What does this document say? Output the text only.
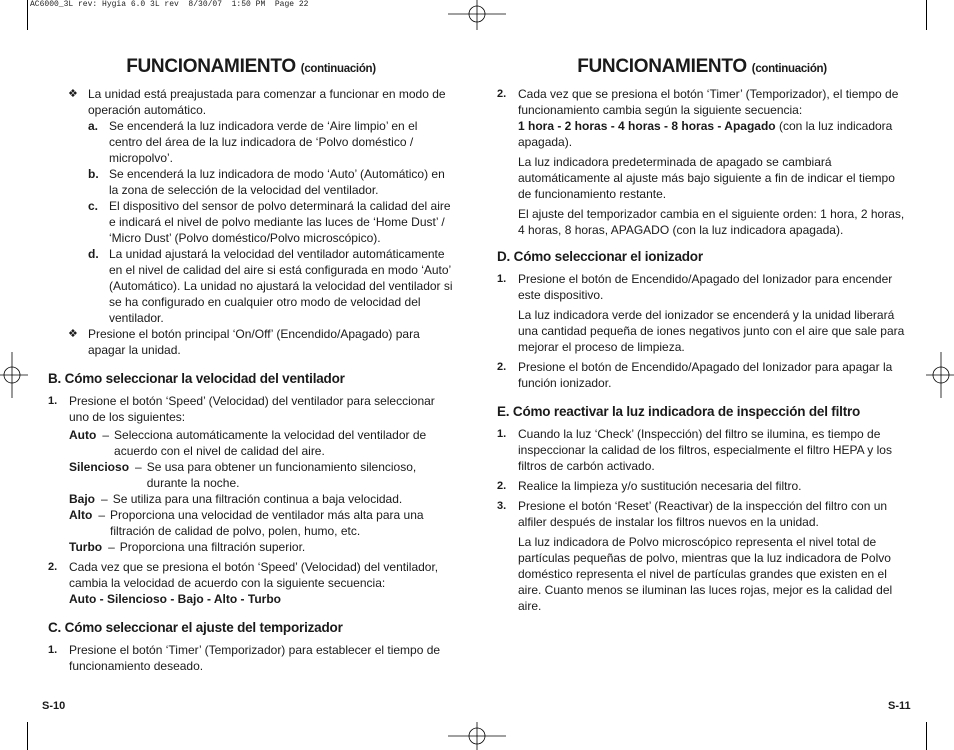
AC6000_3L rev: Hygia 6.0 3L rev  8/30/07  1:50 PM  Page 22
FUNCIONAMIENTO (continuación)
❖ La unidad está preajustada para comenzar a funcionar en modo de operación automático.
a. Se encenderá la luz indicadora verde de ‘Aire limpio’ en el centro del área de la luz indicadora de ‘Polvo doméstico / micropolvo’.
b. Se encenderá la luz indicadora de modo ‘Auto’ (Automático) en la zona de selección de la velocidad del ventilador.
c. El dispositivo del sensor de polvo determinará la calidad del aire e indicará el nivel de polvo mediante las luces de ‘Home Dust’ / ‘Micro Dust’ (Polvo doméstico/Polvo microscópico).
d. La unidad ajustará la velocidad del ventilador automáticamente en el nivel de calidad del aire si está configurada en modo ‘Auto’ (Automático). La unidad no ajustará la velocidad del ventilador si se ha configurado en cualquier otro modo de velocidad del ventilador.
❖ Presione el botón principal ‘On/Off’ (Encendido/Apagado) para apagar la unidad.
B. Cómo seleccionar la velocidad del ventilador
1. Presione el botón ‘Speed’ (Velocidad) del ventilador para seleccionar uno de los siguientes:
Auto – Selecciona automáticamente la velocidad del ventilador de acuerdo con el nivel de calidad del aire.
Silencioso – Se usa para obtener un funcionamiento silencioso, durante la noche.
Bajo – Se utiliza para una filtración continua a baja velocidad.
Alto – Proporciona una velocidad de ventilador más alta para una filtración de calidad de polvo, polen, humo, etc.
Turbo – Proporciona una filtración superior.
2. Cada vez que se presiona el botón ‘Speed’ (Velocidad) del ventilador, cambia la velocidad de acuerdo con la siguiente secuencia:
Auto - Silencioso - Bajo - Alto - Turbo
C. Cómo seleccionar el ajuste del temporizador
1. Presione el botón ‘Timer’ (Temporizador) para establecer el tiempo de funcionamiento deseado.
FUNCIONAMIENTO (continuación)
2. Cada vez que se presiona el botón ‘Timer’ (Temporizador), el tiempo de funcionamiento cambia según la siguiente secuencia:
1 hora - 2 horas - 4 horas - 8 horas - Apagado (con la luz indicadora apagada).
La luz indicadora predeterminada de apagado se cambiará automáticamente al ajuste más bajo siguiente a fin de indicar el tiempo de funcionamiento restante.
El ajuste del temporizador cambia en el siguiente orden: 1 hora, 2 horas, 4 horas, 8 horas, APAGADO (con la luz indicadora apagada).
D. Cómo seleccionar el ionizador
1. Presione el botón de Encendido/Apagado del Ionizador para encender este dispositivo.
La luz indicadora verde del ionizador se encenderá y la unidad liberará una cantidad pequeña de iones negativos junto con el aire que sale para mejorar el proceso de limpieza.
2. Presione el botón de Encendido/Apagado del Ionizador para apagar la función ionizador.
E. Cómo reactivar la luz indicadora de inspección del filtro
1. Cuando la luz ‘Check’ (Inspección) del filtro se ilumina, es tiempo de inspeccionar la calidad de los filtros, especialmente el filtro HEPA y los filtros de carbón activado.
2. Realice la limpieza y/o sustitución necesaria del filtro.
3. Presione el botón ‘Reset’ (Reactivar) de la inspección del filtro con un alfiler después de instalar los filtros nuevos en la unidad.
La luz indicadora de Polvo microscópico representa el nivel total de partículas pequeñas de polvo, mientras que la luz indicadora de Polvo doméstico representa el nivel de partículas grandes que existen en el aire. Cuanto menos se iluminan las luces rojas, mejor es la calidad del aire.
S-10	S-11
